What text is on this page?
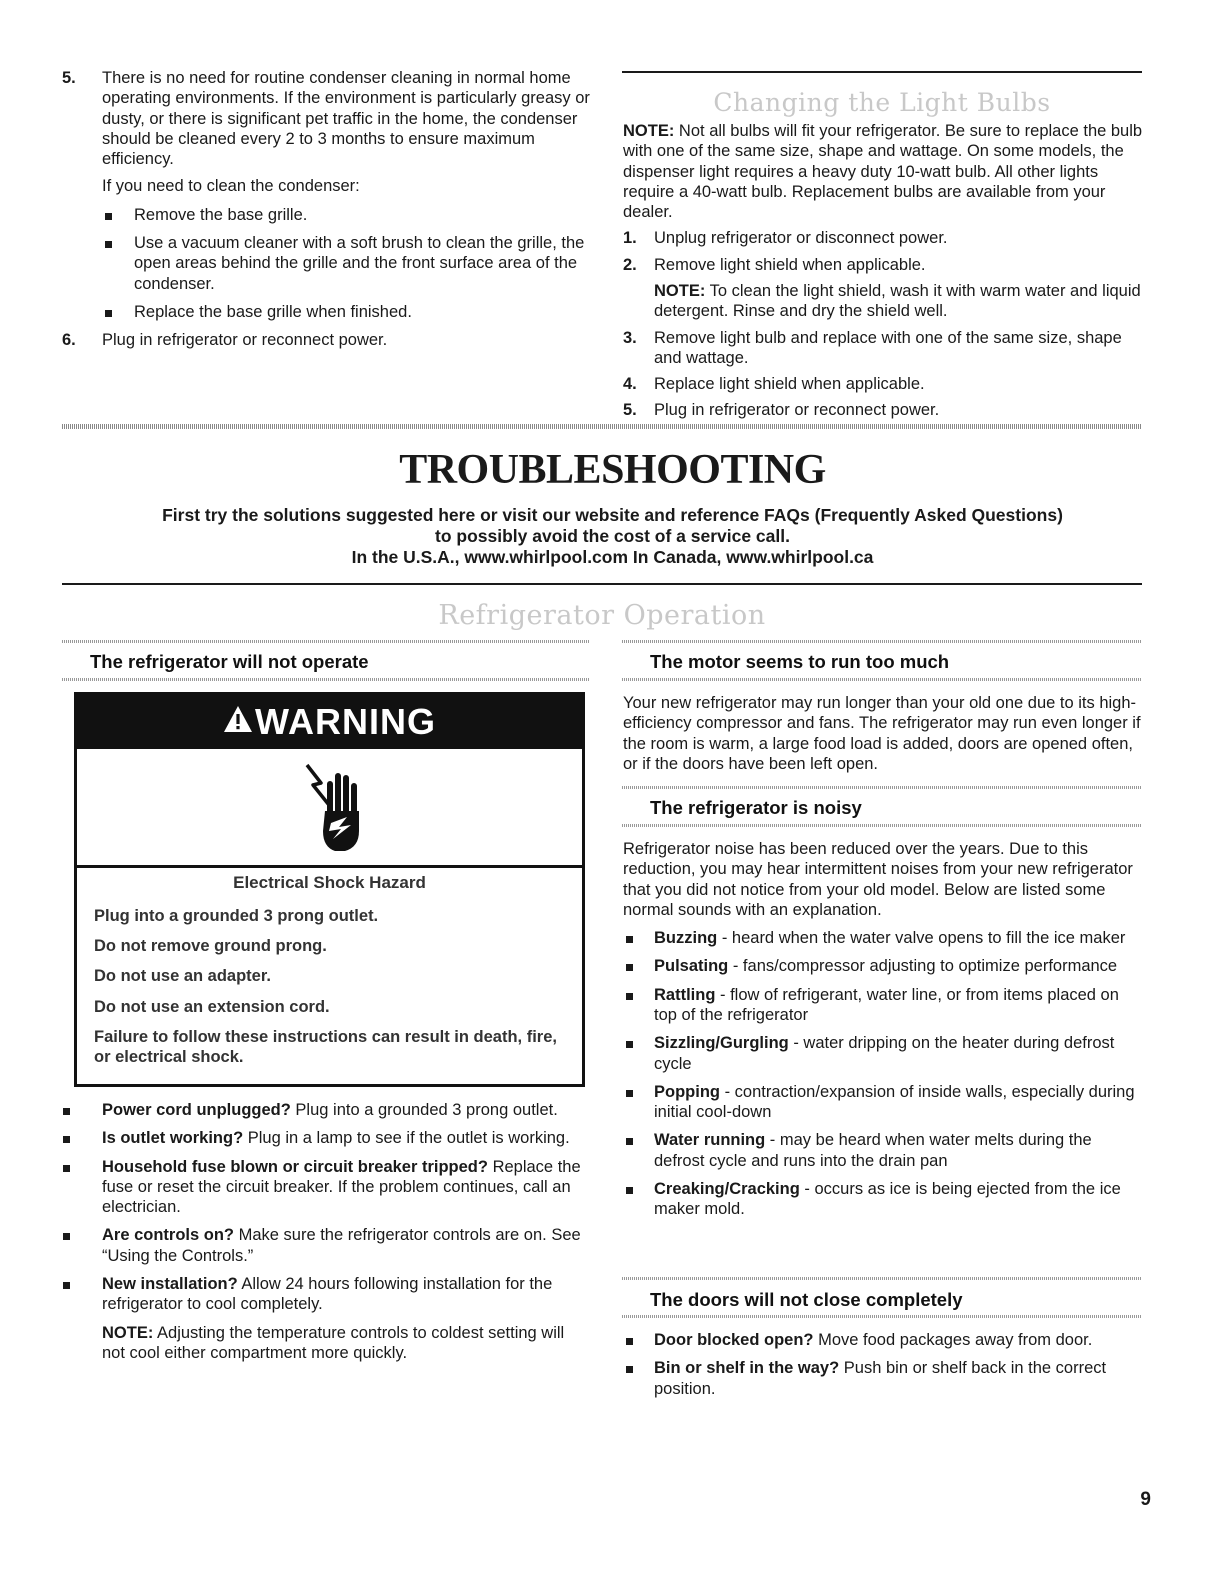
5. There is no need for routine condenser cleaning in normal home operating environments. If the environment is particularly greasy or dusty, or there is significant pet traffic in the home, the condenser should be cleaned every 2 to 3 months to ensure maximum efficiency.

If you need to clean the condenser:

Remove the base grille.
Use a vacuum cleaner with a soft brush to clean the grille, the open areas behind the grille and the front surface area of the condenser.
Replace the base grille when finished.
6. Plug in refrigerator or reconnect power.

Changing the Light Bulbs

NOTE: Not all bulbs will fit your refrigerator. Be sure to replace the bulb with one of the same size, shape and wattage. On some models, the dispenser light requires a heavy duty 10-watt bulb. All other lights require a 40-watt bulb. Replacement bulbs are available from your dealer.

1. Unplug refrigerator or disconnect power.

2. Remove light shield when applicable.

NOTE: To clean the light shield, wash it with warm water and liquid detergent. Rinse and dry the shield well.

3. Remove light bulb and replace with one of the same size, shape and wattage.

4. Replace light shield when applicable.

5. Plug in refrigerator or reconnect power.

TROUBLESHOOTING
First try the solutions suggested here or visit our website and reference FAQs (Frequently Asked Questions)
to possibly avoid the cost of a service call.
In the U.S.A., www.whirlpool.com In Canada, www.whirlpool.ca
Refrigerator Operation
The refrigerator will not operate
WARNING
Electrical Shock Hazard
Plug into a grounded 3 prong outlet.
Do not remove ground prong.
Do not use an adapter.
Do not use an extension cord.
Failure to follow these instructions can result in death, fire, or electrical shock.
Power cord unplugged? Plug into a grounded 3 prong outlet.
Is outlet working? Plug in a lamp to see if the outlet is working.
Household fuse blown or circuit breaker tripped? Replace the fuse or reset the circuit breaker. If the problem continues, call an electrician.
Are controls on? Make sure the refrigerator controls are on. See “Using the Controls.”
New installation? Allow 24 hours following installation for the refrigerator to cool completely.

NOTE: Adjusting the temperature controls to coldest setting will not cool either compartment more quickly.

The motor seems to run too much

Your new refrigerator may run longer than your old one due to its high-efficiency compressor and fans. The refrigerator may run even longer if the room is warm, a large food load is added, doors are opened often, or if the doors have been left open.

The refrigerator is noisy

Refrigerator noise has been reduced over the years. Due to this reduction, you may hear intermittent noises from your new refrigerator that you did not notice from your old model. Below are listed some normal sounds with an explanation.

Buzzing - heard when the water valve opens to fill the ice maker
Pulsating - fans/compressor adjusting to optimize performance
Rattling - flow of refrigerant, water line, or from items placed on top of the refrigerator
Sizzling/Gurgling - water dripping on the heater during defrost cycle
Popping - contraction/expansion of inside walls, especially during initial cool-down
Water running - may be heard when water melts during the defrost cycle and runs into the drain pan
Creaking/Cracking - occurs as ice is being ejected from the ice maker mold.
The doors will not close completely
Door blocked open? Move food packages away from door.
Bin or shelf in the way? Push bin or shelf back in the correct position.
9
